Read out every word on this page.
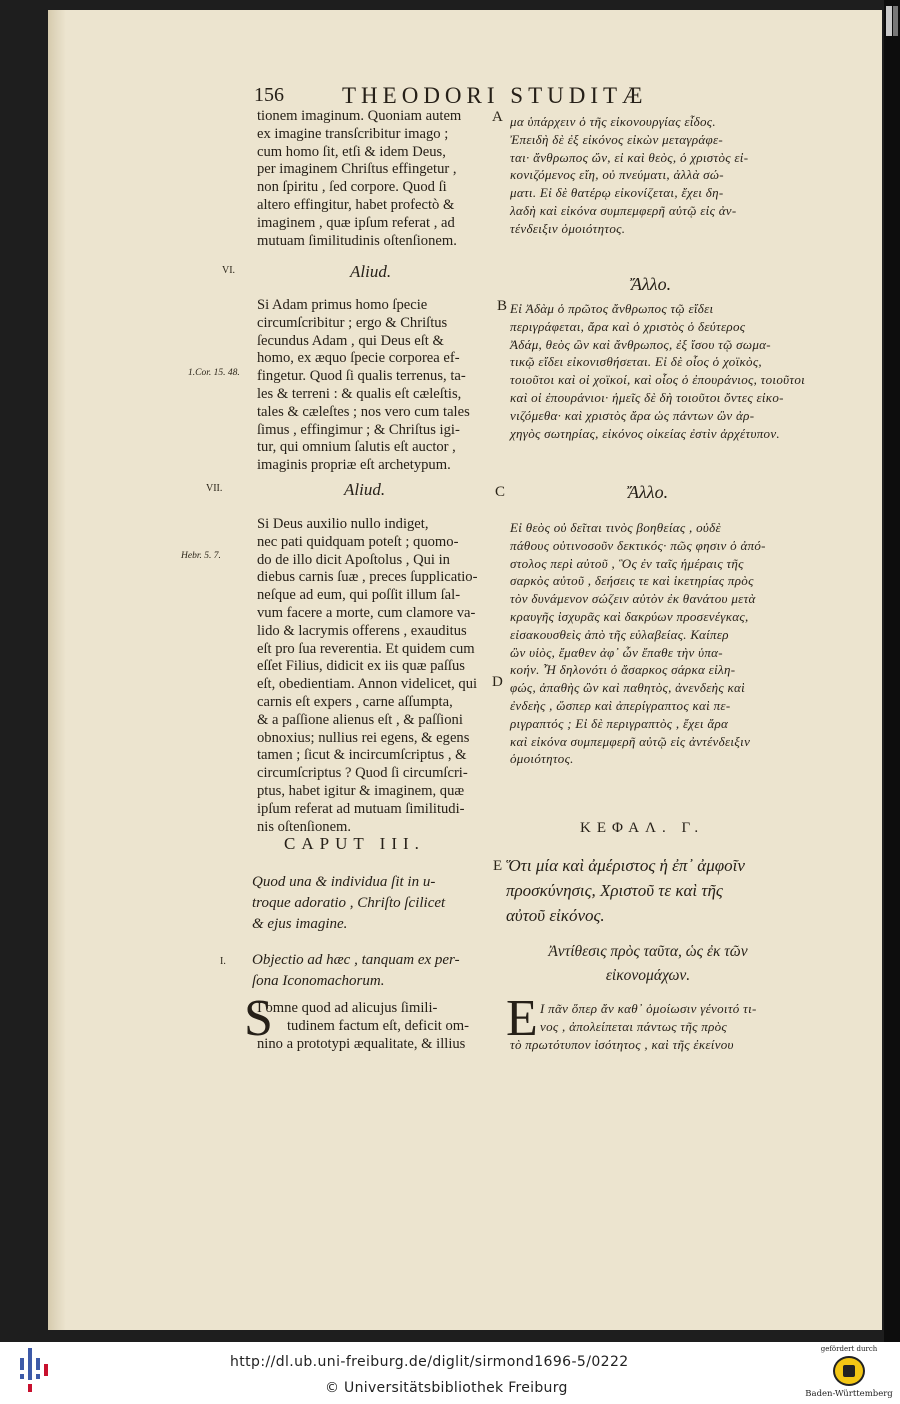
156	THEODORI STUDITÆ
tionem imaginum. Quoniam autem
ex imagine transſcribitur imago ;
cum homo ſit, etſi & idem Deus,
per imaginem Chriſtus effingetur ,
non ſpiritu , ſed corpore. Quod ſi
altero effingitur, habet profectò &
imaginem , quæ ipſum referat , ad
mutuam ſimilitudinis oſtenſionem.
μα ὑπάρχειν ὁ τῆς εἰκονουργίας εἶδος.
Ἐπειδὴ δὲ ἐξ εἰκόνος εἰκὼν μεταγράφε-
ται· ἄνθρωπος ὤν, εἰ καὶ θεὸς, ὁ χριστὸς εἰ-
κονιζόμενος εἴη, οὐ πνεύματι, ἀλλὰ σώ-
ματι. Εἰ δὲ θατέρῳ εἰκονίζεται, ἔχει δη-
λαδὴ καὶ εἰκόνα συμπεμφερῆ αὐτῷ εἰς ἀν-
τένδειξιν ὁμοιότητος.
A
VI.	Aliud.
Ἄλλο.
B
1.Cor. 15. 48.
Si Adam primus homo ſpecie
circumſcribitur ; ergo & Chriſtus
ſecundus Adam , qui Deus eſt &
homo, ex æquo ſpecie corporea ef-
fingetur. Quod ſi qualis terrenus, ta-
les & terreni : & qualis eſt cæleſtis,
tales & cæleſtes ; nos vero cum tales
ſimus , effingimur ; & Chriſtus igi-
tur, qui omnium ſalutis eſt auctor ,
imaginis propriæ eſt archetypum.
Εἰ Ἀδὰμ ὁ πρῶτος ἄνθρωπος τῷ εἴδει
περιγράφεται, ἄρα καὶ ὁ χριστὸς ὁ δεύτερος
Ἀδάμ, θεὸς ὢν καὶ ἄνθρωπος, ἐξ ἴσου τῷ σωμα-
τικῷ εἴδει εἰκονισθήσεται. Εἰ δὲ οἷος ὁ χοϊκὸς,
τοιοῦτοι καὶ οἱ χοϊκοί, καὶ οἷος ὁ ἐπουράνιος, τοιοῦτοι
καὶ οἱ ἐπουράνιοι· ἡμεῖς δὲ δὴ τοιοῦτοι ὄντες εἰκο-
νιζόμεθα· καὶ χριστὸς ἄρα ὡς πάντων ὢν ἀρ-
χηγὸς σωτηρίας, εἰκόνος οἰκείας ἐστὶν ἀρχέτυπον.
VII.	Aliud.	C	Ἄλλο.
Hebr. 5. 7.
Si Deus auxilio nullo indiget,
nec pati quidquam poteſt ; quomo-
do de illo dicit Apoſtolus , Qui in
diebus carnis ſuæ , preces ſupplicatio-
neſque ad eum, qui poſſit illum ſal-
vum facere a morte, cum clamore va-
lido & lacrymis offerens , exauditus
eſt pro ſua reverentia. Et quidem cum
eſſet Filius, didicit ex iis quæ paſſus
eſt, obedientiam. Annon videlicet, qui
carnis eſt expers , carne aſſumpta,
& a paſſione alienus eſt , & paſſioni
obnoxius; nullius rei egens, & egens
tamen ; ſicut & incircumſcriptus , &
circumſcriptus ? Quod ſi circumſcri-
ptus, habet igitur & imaginem, quæ
ipſum referat ad mutuam ſimilitudi-
nis oſtenſionem.
D
Εἰ θεὸς οὐ δεῖται τινὸς βοηθείας , οὐδὲ
πάθους οὑτινοσοῦν δεκτικός· πῶς φησιν ὁ ἀπό-
στολος περὶ αὐτοῦ , Ὃς ἐν ταῖς ἡμέραις τῆς
σαρκὸς αὐτοῦ , δεήσεις τε καὶ ἱκετηρίας πρὸς
τὸν δυνάμενον σώζειν αὐτὸν ἐκ θανάτου μετὰ
κραυγῆς ἰσχυρᾶς καὶ δακρύων προσενέγκας,
εἰσακουσθεὶς ἀπὸ τῆς εὐλαβείας. Καίπερ
ὢν υἱὸς, ἔμαθεν ἀφ᾽ ὧν ἔπαθε τὴν ὑπα-
κοήν. Ἦ δηλονότι ὁ ἄσαρκος σάρκα εἰλη-
φώς, ἀπαθὴς ὢν καὶ παθητὸς, ἀνενδεὴς καὶ
ἐνδεὴς , ὥσπερ καὶ ἀπερίγραπτος καὶ πε-
ριγραπτός ; Εἰ δὲ περιγραπτὸς , ἔχει ἄρα
καὶ εἰκόνα συμπεμφερῆ αὐτῷ εἰς ἀντένδειξιν
ὁμοιότητος.
CAPUT III.
ΚΕΦΑΛ. Γ.
E
Quod una & individua ſit in u-
troque adoratio , Chriſto ſcilicet
& ejus imagine.
Ὅτι μία καὶ ἀμέριστος ἡ ἐπ᾽ ἀμφοῖν
προσκύνησις, Χριστοῦ τε καὶ τῆς
αὐτοῦ εἰκόνος.
I. Objectio ad hæc , tanquam ex per-
ſona Iconomachorum.
Ἀντίθεσις πρὸς ταῦτα, ὡς ἐκ τῶν
εἰκονομάχων.
S
I omne quod ad alicujus ſimili-
tudinem factum eſt, deficit om-
nino a prototypi æqualitate, & illius E Ι πᾶν ὅπερ ἄν καθ᾽ ὁμοίωσιν γένοιτό τι-
νος , ἀπολείπεται πάντως τῆς πρὸς
τὸ πρωτότυπον ἰσότητος , καὶ τῆς ἐκείνου
http://dl.ub.uni-freiburg.de/diglit/sirmond1696-5/0222
© Universitätsbibliothek Freiburg
gefördert durch
Baden-Württemberg
